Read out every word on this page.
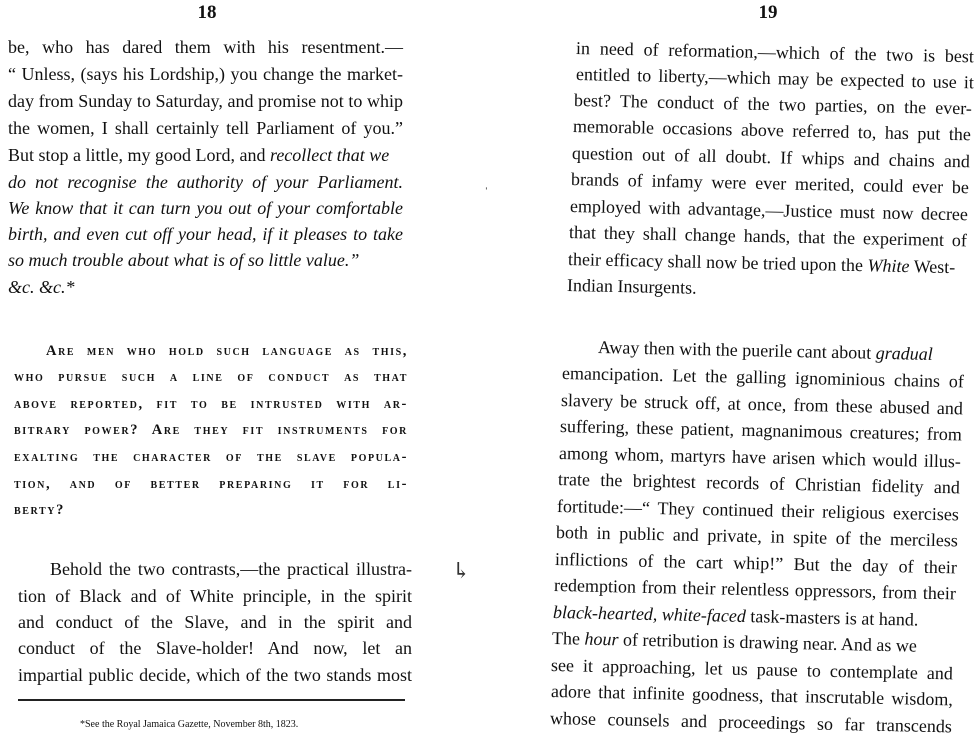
18
be, who has dared them with his resentment.—
“ Unless, (says his Lordship,) you change the market-
day from Sunday to Saturday, and promise not to whip
the women, I shall certainly tell Parliament of you.”
But stop a little, my good Lord, and recollect that we
do not recognise the authority of your Parliament.
We know that it can turn you out of your comfortable
birth, and even cut off your head, if it pleases to take
so much trouble about what is of so little value.”
&c. &c.*
Are men who hold such language as this,
who pursue such a line of conduct as that
above reported, fit to be intrusted with ar-
bitrary power? Are they fit instruments for
exalting the character of the slave popula-
tion, and of better preparing it for li-
berty?
Behold the two contrasts,—the practical illustra-
tion of Black and of White principle, in the spirit
and conduct of the Slave, and in the spirit and
conduct of the Slave-holder! And now, let an
impartial public decide, which of the two stands most
*See the Royal Jamaica Gazette, November 8th, 1823.
ˈ
↳
19
in need of reformation,—which of the two is best
entitled to liberty,—which may be expected to use it
best? The conduct of the two parties, on the ever-
memorable occasions above referred to, has put the
question out of all doubt. If whips and chains and
brands of infamy were ever merited, could ever be
employed with advantage,—Justice must now decree
that they shall change hands, that the experiment of
their efficacy shall now be tried upon the White West-
Indian Insurgents.
Away then with the puerile cant about gradual
emancipation. Let the galling ignominious chains of
slavery be struck off, at once, from these abused and
suffering, these patient, magnanimous creatures; from
among whom, martyrs have arisen which would illus-
trate the brightest records of Christian fidelity and
fortitude:—“ They continued their religious exercises
both in public and private, in spite of the merciless
inflictions of the cart whip!” But the day of their
redemption from their relentless oppressors, from their
black-hearted, white-faced task-masters is at hand.
The hour of retribution is drawing near. And as we
see it approaching, let us pause to contemplate and
adore that infinite goodness, that inscrutable wisdom,
whose counsels and proceedings so far transcends
